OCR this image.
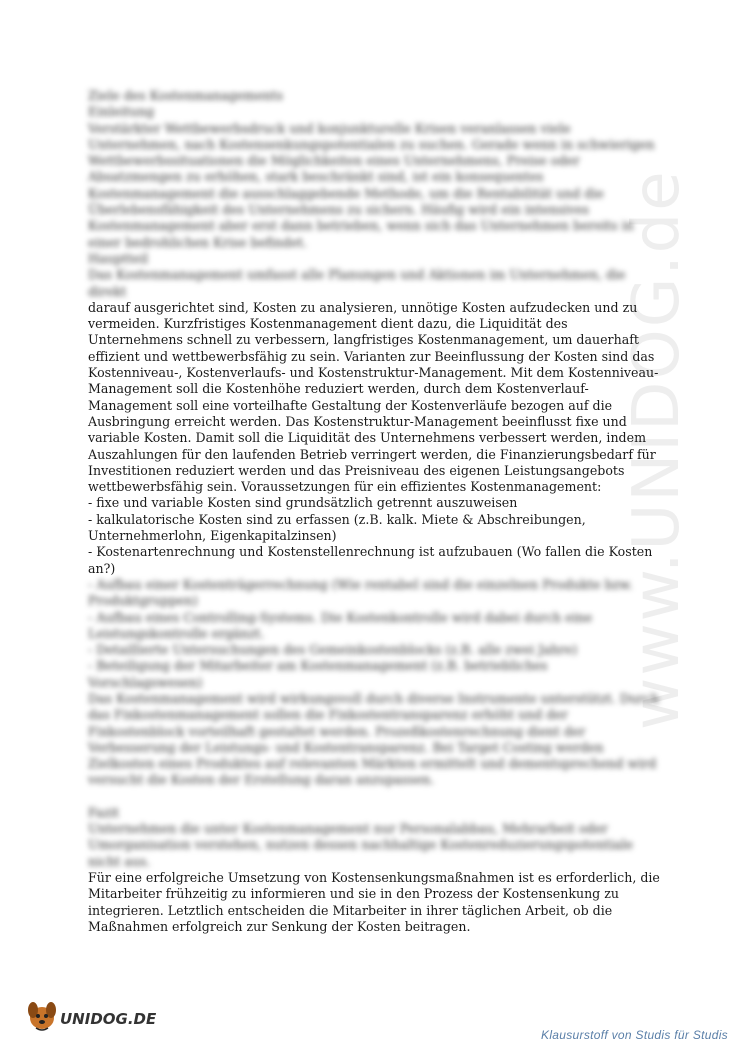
www.UNIDOG.de

Ziele des Kostenmanagements

Einleitung

Verstärkter Wettbewerbsdruck und konjunkturelle Krisen veranlassen viele Unternehmen, nach Kostensenkungspotentialen zu suchen. Gerade wenn in schwierigen Wettbewerbssituationen die Möglichkeiten eines Unternehmens, Preise oder Absatzmengen zu erhöhen, stark beschränkt sind, ist ein konsequentes Kostenmanagement die ausschlaggebende Methode, um die Rentabilität und die Überlebensfähigkeit des Unternehmens zu sichern. Häufig wird ein intensives Kostenmanagement aber erst dann betrieben, wenn sich das Unternehmen bereits in einer bedrohlichen Krise befindet.

Hauptteil

Das Kostenmanagement umfasst alle Planungen und Aktionen im Unternehmen, die direkt

darauf ausgerichtet sind, Kosten zu analysieren, unnötige Kosten aufzudecken und zu vermeiden. Kurzfristiges Kostenmanagement dient dazu, die Liquidität des Unternehmens schnell zu verbessern, langfristiges Kostenmanagement, um dauerhaft effizient und wettbewerbsfähig zu sein. Varianten zur Beeinflussung der Kosten sind das Kostenniveau-, Kostenverlaufs- und Kostenstruktur-Management. Mit dem Kostenniveau-Management soll die Kostenhöhe reduziert werden, durch dem Kostenverlauf-Management soll eine vorteilhafte Gestaltung der Kostenverläufe bezogen auf die Ausbringung erreicht werden. Das Kostenstruktur-Management beeinflusst fixe und variable Kosten. Damit soll die Liquidität des Unternehmens verbessert werden, indem Auszahlungen für den laufenden Betrieb verringert werden, die Finanzierungsbedarf für Investitionen reduziert werden und das Preisniveau des eigenen Leistungsangebots wettbewerbsfähig sein. Voraussetzungen für ein effizientes Kostenmanagement:

- fixe und variable Kosten sind grundsätzlich getrennt auszuweisen

- kalkulatorische Kosten sind zu erfassen (z.B. kalk. Miete & Abschreibungen, Unternehmerlohn, Eigenkapitalzinsen)

- Kostenartenrechnung und Kostenstellenrechnung ist aufzubauen (Wo fallen die Kosten an?)

- Aufbau einer Kostenträgerrechnung (Wie rentabel sind die einzelnen Produkte bzw. Produktgruppen)

- Aufbau eines Controlling-Systems. Die Kostenkontrolle wird dabei durch eine Leistungskontrolle ergänzt.

- Detaillierte Untersuchungen des Gemeinkostenblocks (z.B. alle zwei Jahre)

- Beteiligung der Mitarbeiter am Kostenmanagement (z.B. betriebliches Vorschlagswesen)

Das Kostenmanagement wird wirkungsvoll durch diverse Instrumente unterstützt. Durch das Fixkostenmanagement sollen die Fixkostentransparenz erhöht und der Fixkostenblock vorteilhaft gestaltet werden. Prozeßkostenrechnung dient der Verbesserung der Leistungs- und Kostentransparenz. Bei Target Costing werden Zielkosten eines Produktes auf relevanten Märkten ermittelt und dementsprechend wird versucht die Kosten der Erstellung daran anzupassen.

Fazit

Unternehmen die unter Kostenmanagement nur Personalabbau, Mehrarbeit oder Umorganisation verstehen, nutzen dessen nachhaltige Kostenreduzierungspotentiale nicht aus.

Für eine erfolgreiche Umsetzung von Kostensenkungsmaßnahmen ist es erforderlich, die Mitarbeiter frühzeitig zu informieren und sie in den Prozess der Kostensenkung zu integrieren. Letztlich entscheiden die Mitarbeiter in ihrer täglichen Arbeit, ob die Maßnahmen erfolgreich zur Senkung der Kosten beitragen.

UNIDOG.DE
Klausurstoff von Studis für Studis
